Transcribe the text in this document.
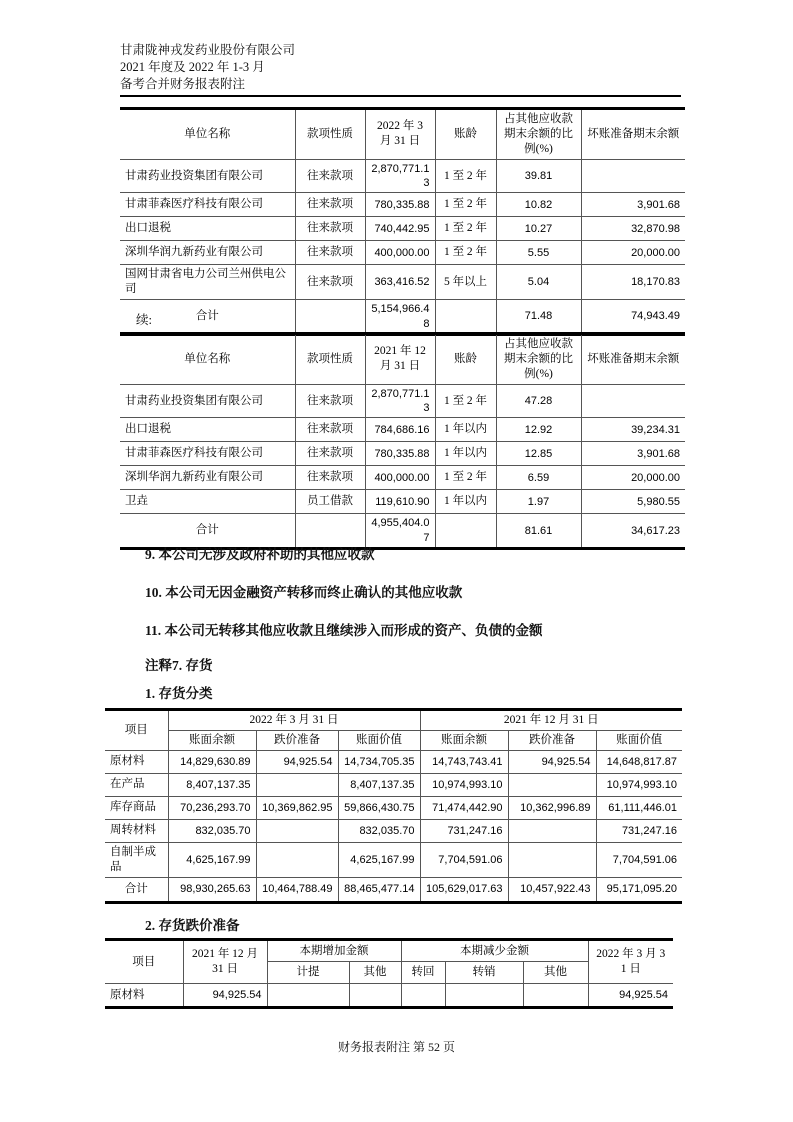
甘肃陇神戎发药业股份有限公司
2021 年度及 2022 年 1-3 月
备考合并财务报表附注
单位名称	款项性质	2022 年 3 月 31 日	账龄	占其他应收款期末余额的比例(%)	坏账准备期末余额
甘肃药业投资集团有限公司	往来款项	2,870,771.13	1 至 2 年	39.81	
甘肃菲森医疗科技有限公司	往来款项	780,335.88	1 至 2 年	10.82	3,901.68
出口退税	往来款项	740,442.95	1 至 2 年	10.27	32,870.98
深圳华润九新药业有限公司	往来款项	400,000.00	1 至 2 年	5.55	20,000.00
国网甘肃省电力公司兰州供电公司	往来款项	363,416.52	5 年以上	5.04	18,170.83
合计		5,154,966.48		71.48	74,943.49
续:
单位名称	款项性质	2021 年 12 月 31 日	账龄	占其他应收款期末余额的比例(%)	坏账准备期末余额
甘肃药业投资集团有限公司	往来款项	2,870,771.13	1 至 2 年	47.28	
出口退税	往来款项	784,686.16	1 年以内	12.92	39,234.31
甘肃菲森医疗科技有限公司	往来款项	780,335.88	1 年以内	12.85	3,901.68
深圳华润九新药业有限公司	往来款项	400,000.00	1 至 2 年	6.59	20,000.00
卫垚	员工借款	119,610.90	1 年以内	1.97	5,980.55
合计		4,955,404.07		81.61	34,617.23
9. 本公司无涉及政府补助的其他应收款
10. 本公司无因金融资产转移而终止确认的其他应收款
11. 本公司无转移其他应收款且继续涉入而形成的资产、负债的金额
注释7. 存货
1. 存货分类
项目	2022 年 3 月 31 日			2021 年 12 月 31 日		
	账面余额	跌价准备	账面价值	账面余额	跌价准备	账面价值
原材料	14,829,630.89	94,925.54	14,734,705.35	14,743,743.41	94,925.54	14,648,817.87
在产品	8,407,137.35		8,407,137.35	10,974,993.10		10,974,993.10
库存商品	70,236,293.70	10,369,862.95	59,866,430.75	71,474,442.90	10,362,996.89	61,111,446.01
周转材料	832,035.70		832,035.70	731,247.16		731,247.16
自制半成品	4,625,167.99		4,625,167.99	7,704,591.06		7,704,591.06
合计	98,930,265.63	10,464,788.49	88,465,477.14	105,629,017.63	10,457,922.43	95,171,095.20
2. 存货跌价准备
项目	2021 年 12 月 31 日	本期增加金额		本期减少金额			2022 年 3 月 31 日
		计提	其他	转回	转销	其他	
原材料	94,925.54						94,925.54
财务报表附注 第 52 页
